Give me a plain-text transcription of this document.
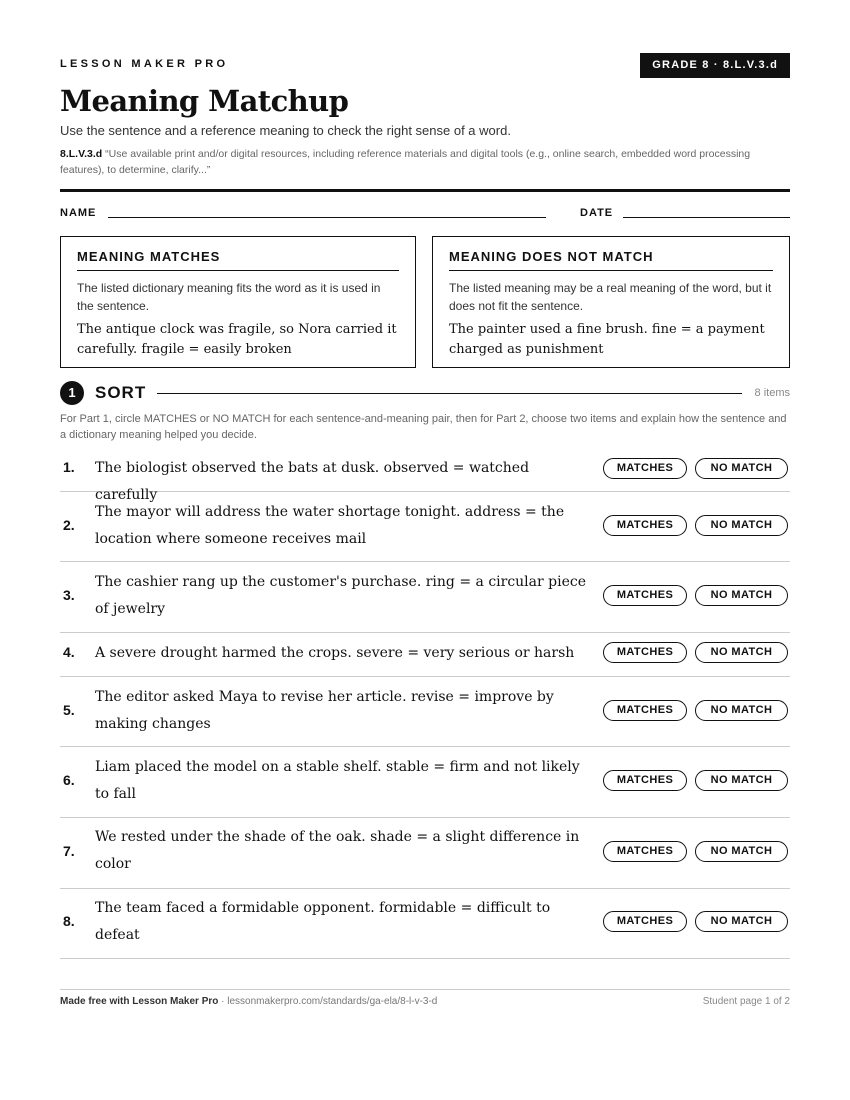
LESSON MAKER PRO	GRADE 8 · 8.L.V.3.d
Meaning Matchup
Use the sentence and a reference meaning to check the right sense of a word.
8.L.V.3.d “Use available print and/or digital resources, including reference materials and digital tools (e.g., online search, embedded word processing features), to determine, clarify...”
NAME	DATE
MEANING MATCHES
The listed dictionary meaning fits the word as it is used in the sentence.
The antique clock was fragile, so Nora carried it carefully. fragile = easily broken
MEANING DOES NOT MATCH
The listed meaning may be a real meaning of the word, but it does not fit the sentence.
The painter used a fine brush. fine = a payment charged as punishment
1	SORT	8 items
For Part 1, circle MATCHES or NO MATCH for each sentence-and-meaning pair, then for Part 2, choose two items and explain how the sentence and a dictionary meaning helped you decide.
1. The biologist observed the bats at dusk. observed = watched carefully
MATCHES	NO MATCH
2.
The mayor will address the water shortage tonight. address = the location where someone receives mail
MATCHES	NO MATCH
3.
The cashier rang up the customer's purchase. ring = a circular piece of jewelry
MATCHES	NO MATCH
4. A severe drought harmed the crops. severe = very serious or harsh	MATCHES	NO MATCH
5.
The editor asked Maya to revise her article. revise = improve by making changes
MATCHES	NO MATCH
6.
Liam placed the model on a stable shelf. stable = firm and not likely to fall
MATCHES	NO MATCH
7.
We rested under the shade of the oak. shade = a slight difference in color
MATCHES	NO MATCH
8.
The team faced a formidable opponent. formidable = difficult to defeat
MATCHES	NO MATCH
Made free with Lesson Maker Pro · lessonmakerpro.com/standards/ga-ela/8-l-v-3-d	Student page 1 of 2
